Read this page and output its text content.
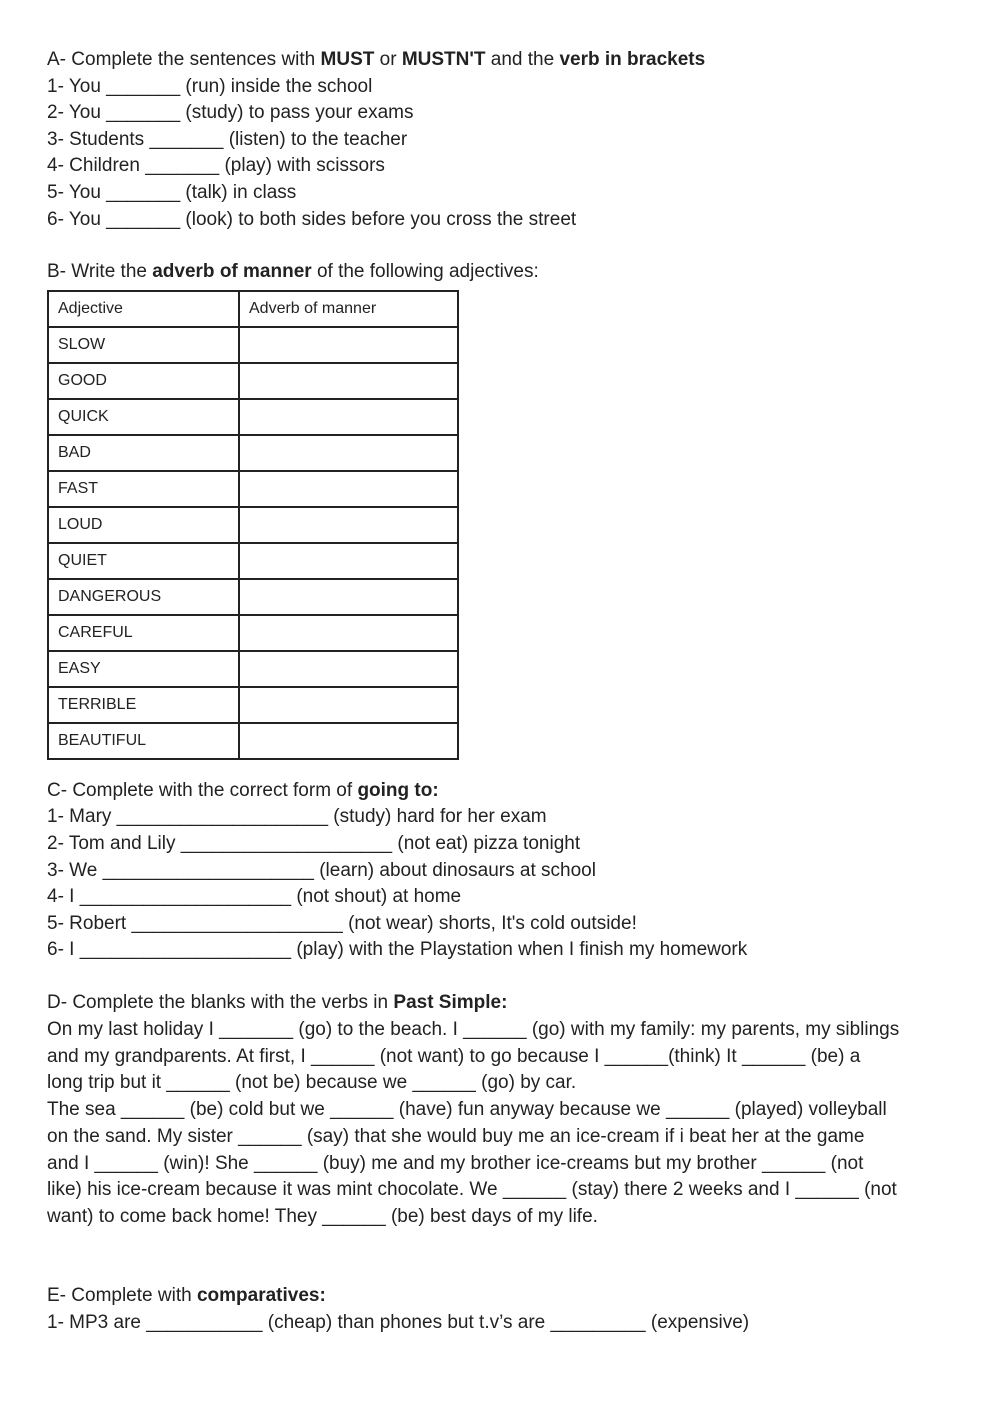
A- Complete the sentences with MUST or MUSTN'T and the verb in brackets
1- You _______ (run) inside the school
2- You _______ (study) to pass your exams
3- Students _______ (listen) to the teacher
4- Children _______ (play) with scissors
5- You _______ (talk) in class
6- You _______ (look) to both sides before you cross the street
B- Write the adverb of manner of the following adjectives:
Adjective	Adverb of manner
SLOW	
GOOD	
QUICK	
BAD	
FAST	
LOUD	
QUIET	
DANGEROUS	
CAREFUL	
EASY	
TERRIBLE	
BEAUTIFUL	
C- Complete with the correct form of going to:
1- Mary ____________________ (study) hard for her exam
2- Tom and Lily ____________________ (not eat) pizza tonight
3- We ____________________ (learn) about dinosaurs at school
4- I ____________________ (not shout) at home
5- Robert ____________________ (not wear) shorts, It's cold outside!
6- I ____________________ (play) with the Playstation when I finish my homework
D- Complete the blanks with the verbs in Past Simple:
On my last holiday I _______ (go) to the beach. I ______ (go) with my family: my parents, my siblings
and my grandparents. At first, I ______ (not want) to go because I ______(think) It ______ (be) a
long trip but it ______ (not be) because we ______ (go) by car.
The sea ______ (be) cold but we ______ (have) fun anyway because we ______ (played) volleyball
on the sand. My sister ______ (say) that she would buy me an ice-cream if i beat her at the game
and I ______ (win)! She ______ (buy) me and my brother ice-creams but my brother ______ (not
like) his ice-cream because it was mint chocolate. We ______ (stay) there 2 weeks and I ______ (not
want) to come back home! They ______ (be) best days of my life.
E- Complete with comparatives:
1- MP3 are ___________ (cheap) than phones but t.v’s are _________ (expensive)
